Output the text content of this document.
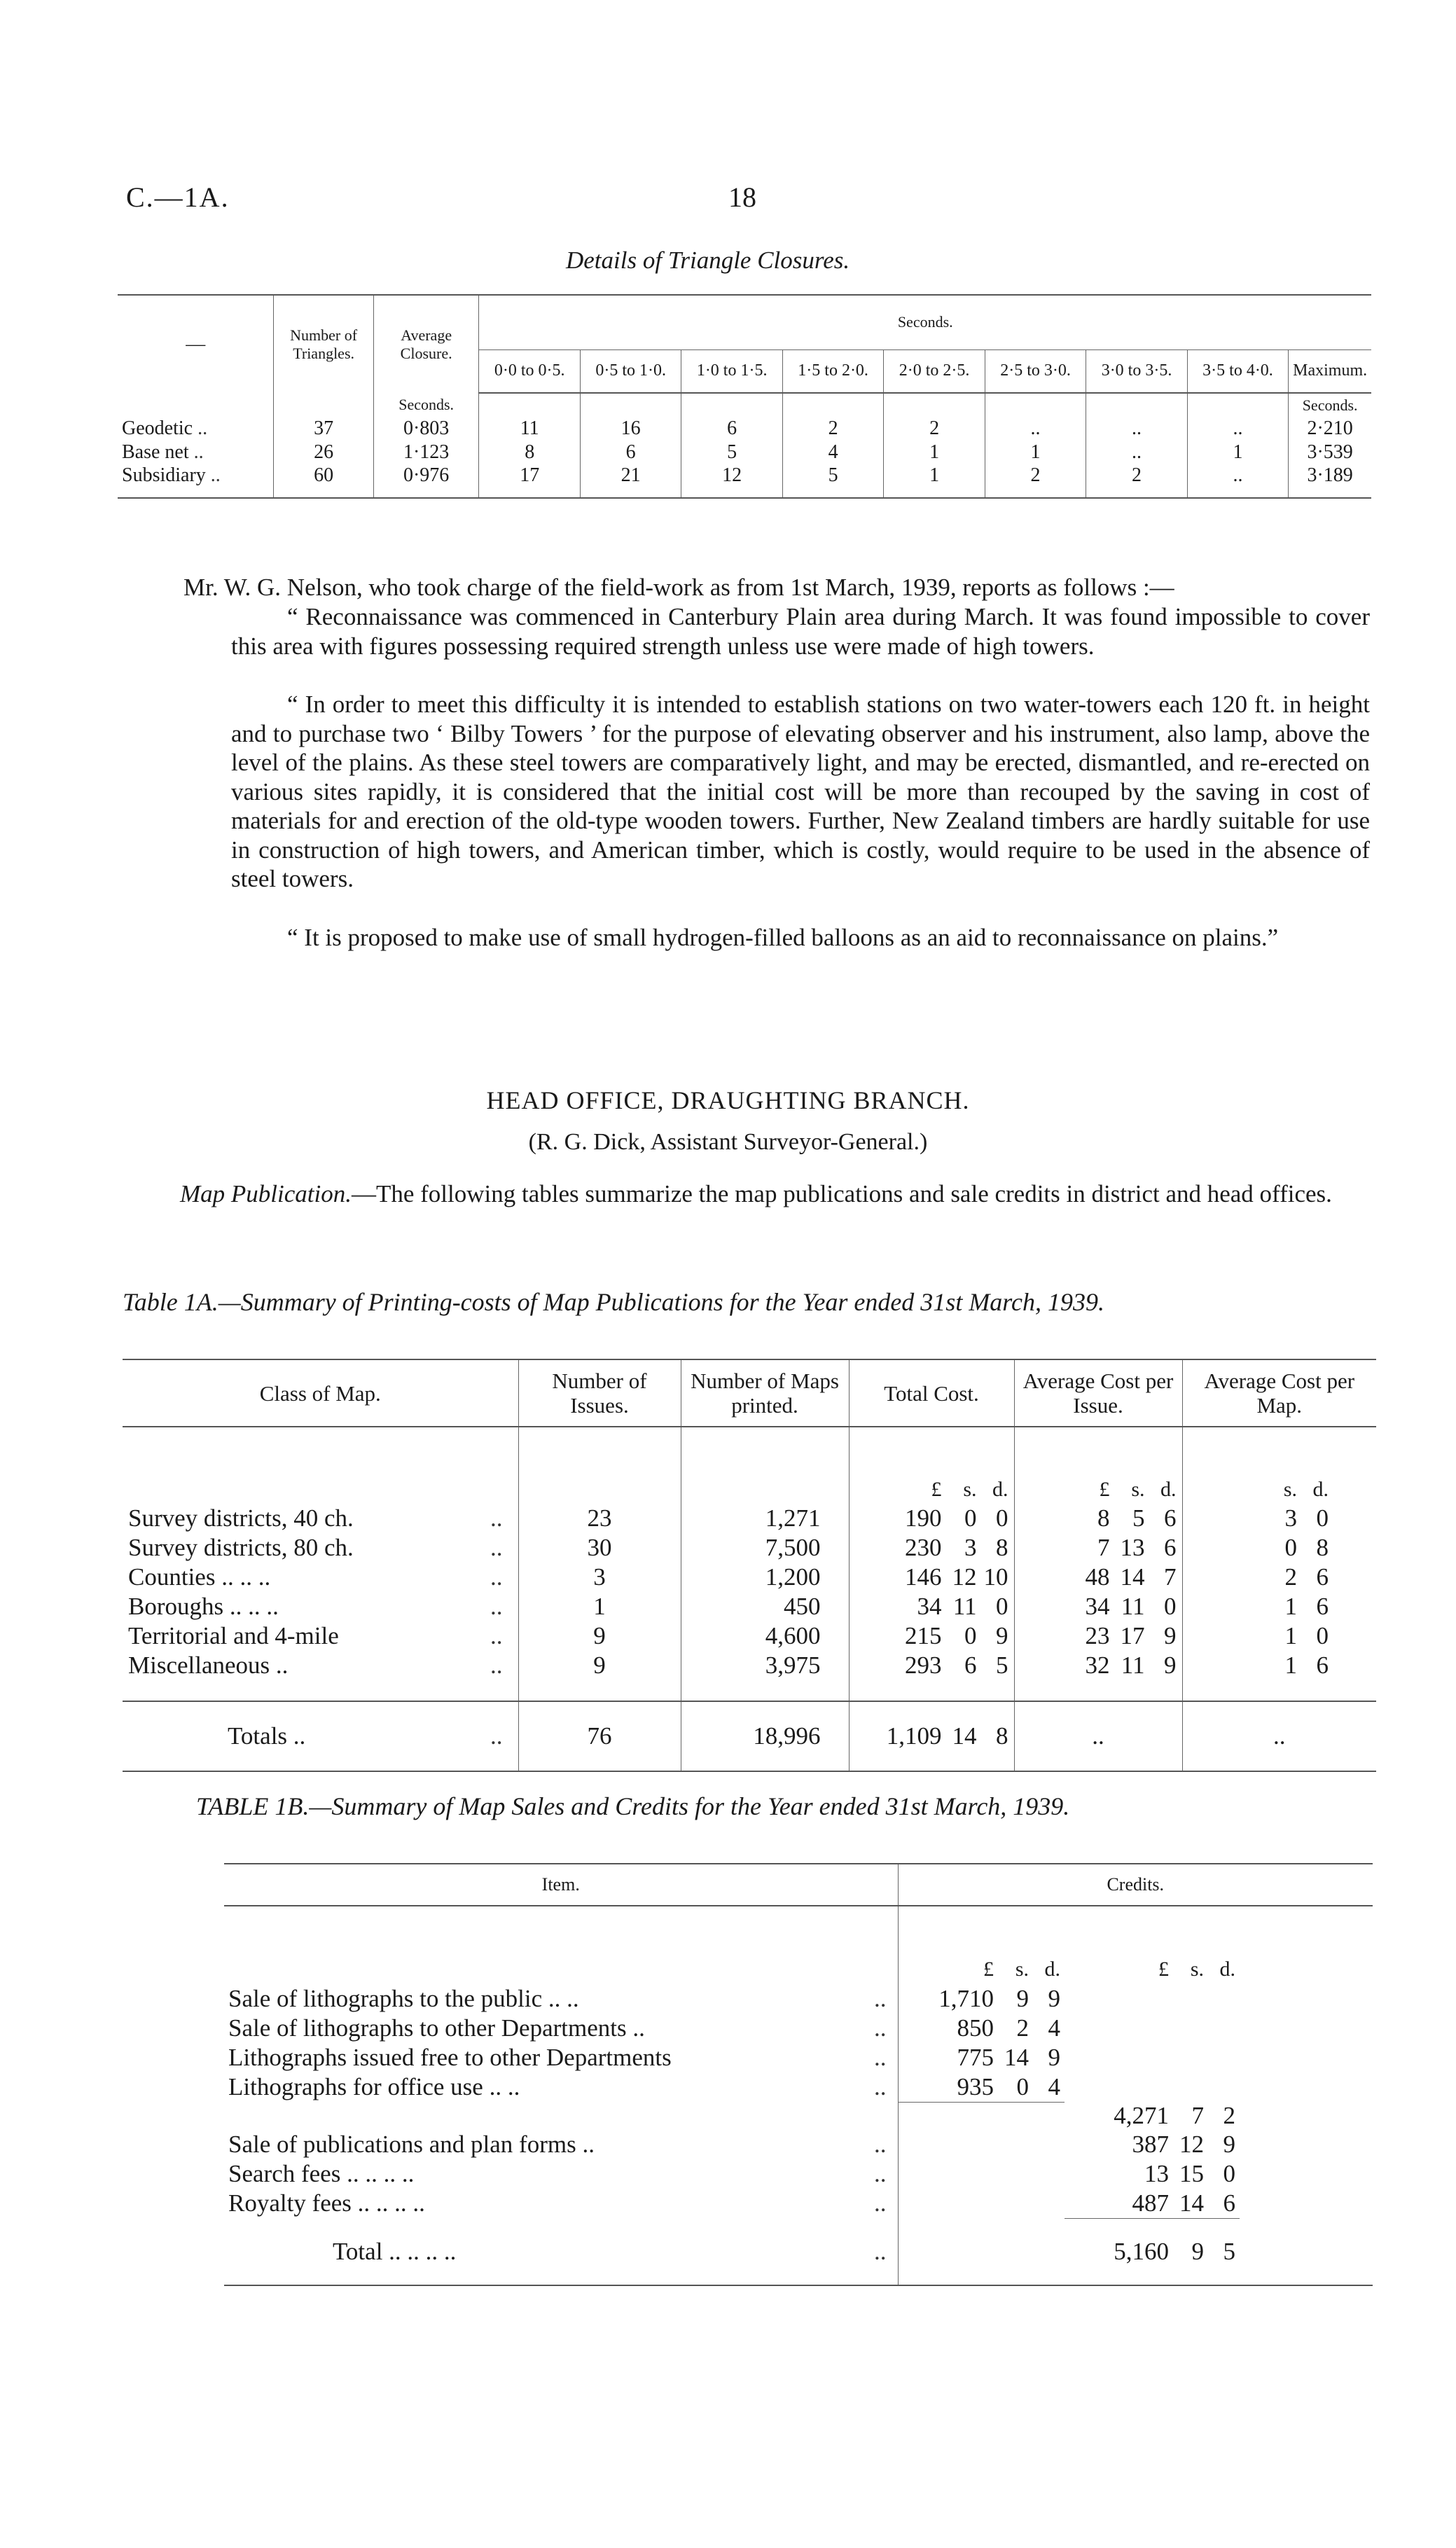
C.—1A.	18
Details of Triangle Closures.
—	Number of Triangles.	Average Closure.	Seconds.								
			0·0 to 0·5.	0·5 to 1·0.	1·0 to 1·5.	1·5 to 2·0.	2·0 to 2·5.	2·5 to 3·0.	3·0 to 3·5.	3·5 to 4·0.	Maximum.
		Seconds.									Seconds.
Geodetic ..	37	0·803	11	16	6	2	2	..	..	..	2·210
Base net ..	26	1·123	8	6	5	4	1	1	..	1	3·539
Subsidiary ..	60	0·976	17	21	12	5	1	2	2	..	3·189
Mr. W. G. Nelson, who took charge of the field-work as from 1st March, 1939, reports as follows :—
“ Reconnaissance was commenced in Canterbury Plain area during March. It was found impossible to cover this area with figures possessing required strength unless use were made of high towers.
“ In order to meet this difficulty it is intended to establish stations on two water-towers each 120 ft. in height and to purchase two ‘ Bilby Towers ’ for the purpose of elevating observer and his instrument, also lamp, above the level of the plains. As these steel towers are comparatively light, and may be erected, dismantled, and re-erected on various sites rapidly, it is considered that the initial cost will be more than recouped by the saving in cost of materials for and erection of the old-type wooden towers. Further, New Zealand timbers are hardly suitable for use in construction of high towers, and American timber, which is costly, would require to be used in the absence of steel towers.
“ It is proposed to make use of small hydrogen-filled balloons as an aid to reconnaissance on plains.”
HEAD OFFICE, DRAUGHTING BRANCH.
(R. G. Dick, Assistant Surveyor-General.)
Map Publication.—The following tables summarize the map publications and sale credits in district and head offices.
Table 1A.—Summary of Printing-costs of Map Publications for the Year ended 31st March, 1939.
Class of Map.	Number of Issues.	Number of Maps printed.	Total Cost.	Average Cost per Issue.	Average Cost per Map.

			£ s. d.	£ s. d.	s. d.
Survey districts, 40 ch. ..	23	1,271	190 0 0	8 5 6	3 0
Survey districts, 80 ch. ..	30	7,500	230 3 8	7 13 6	0 8
Counties .. .. .. ..	3	1,200	146 12 10	48 14 7	2 6
Boroughs .. .. .. ..	1	450	34 11 0	34 11 0	1 6
Territorial and 4-mile ..	9	4,600	215 0 9	23 17 9	1 0
Miscellaneous .. ..	9	3,975	293 6 5	32 11 9	1 6

Totals .. ..	76	18,996	1,109 14 8	..	..
TABLE 1B.—Summary of Map Sales and Credits for the Year ended 31st March, 1939.
Item.	Credits.		

	£ s. d.	£ s. d.	
Sale of lithographs to the public .. .. ..	1,710 9 9		
Sale of lithographs to other Departments .. ..	850 2 4		
Lithographs issued free to other Departments ..	775 14 9		
Lithographs for office use .. .. ..	935 0 4		
		4,271 7 2	
Sale of publications and plan forms .. ..		387 12 9	
Search fees .. .. .. .. ..		13 15 0	
Royalty fees .. .. .. .. ..		487 14 6	
Total .. .. .. .. ..		5,160 9 5	
